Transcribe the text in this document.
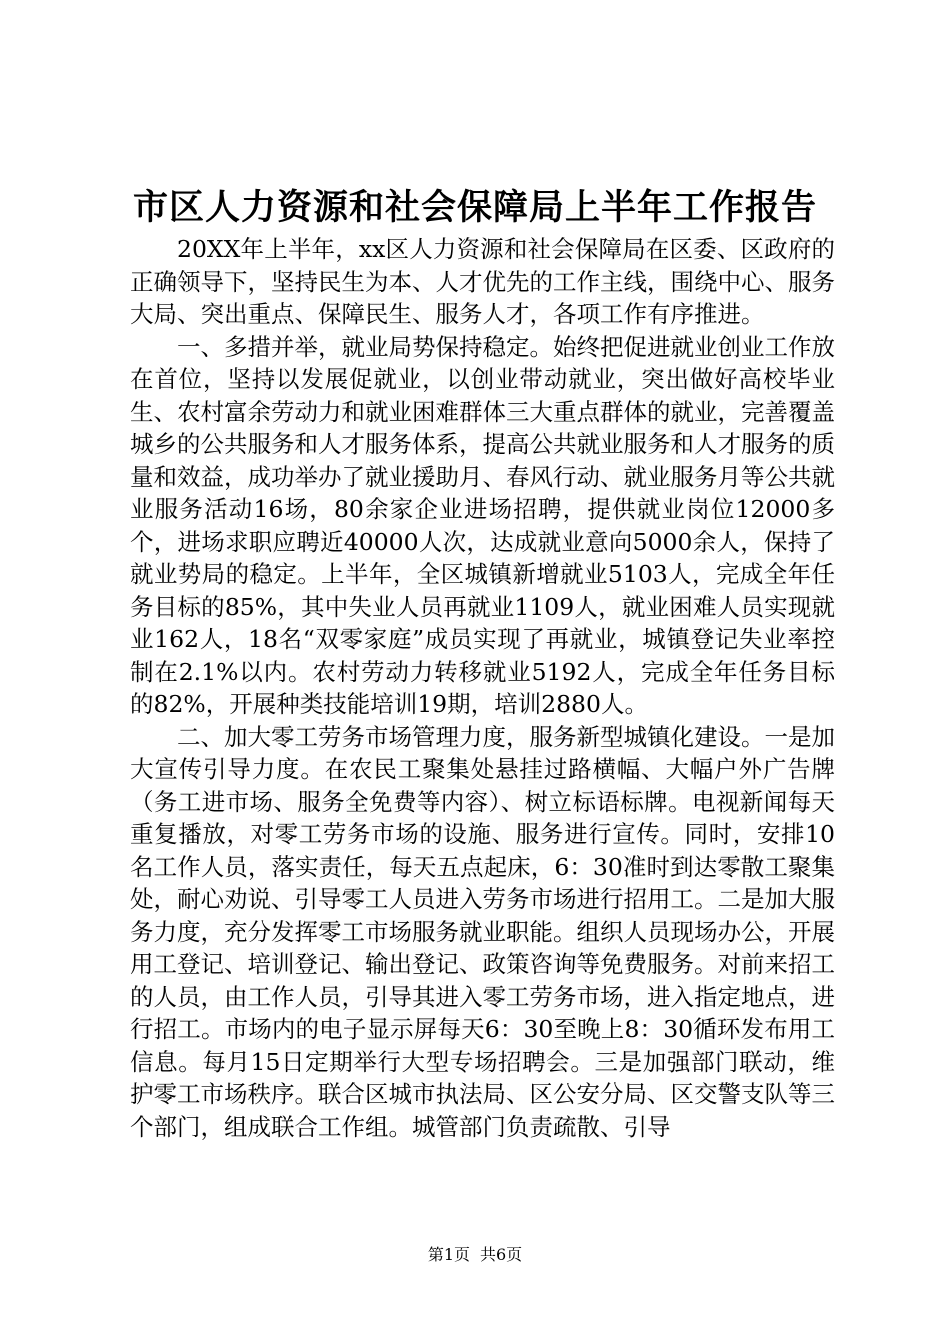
市区人力资源和社会保障局上半年工作报告

20XX年上半年，xx区人力资源和社会保障局在区委、区政府的正确领导下，坚持民生为本、人才优先的工作主线，围绕中心、服务大局、突出重点、保障民生、服务人才，各项工作有序推进。

一、多措并举，就业局势保持稳定。始终把促进就业创业工作放在首位，坚持以发展促就业，以创业带动就业，突出做好高校毕业生、农村富余劳动力和就业困难群体三大重点群体的就业，完善覆盖城乡的公共服务和人才服务体系，提高公共就业服务和人才服务的质量和效益，成功举办了就业援助月、春风行动、就业服务月等公共就业服务活动16场，80余家企业进场招聘，提供就业岗位12000多个，进场求职应聘近40000人次，达成就业意向5000余人，保持了就业势局的稳定。上半年，全区城镇新增就业5103人，完成全年任务目标的85%，其中失业人员再就业1109人，就业困难人员实现就业162人，18名“双零家庭”成员实现了再就业，城镇登记失业率控制在2.1%以内。农村劳动力转移就业5192人，完成全年任务目标的82%，开展种类技能培训19期，培训2880人。

二、加大零工劳务市场管理力度，服务新型城镇化建设。一是加大宣传引导力度。在农民工聚集处悬挂过路横幅、大幅户外广告牌（务工进市场、服务全免费等内容）、树立标语标牌。电视新闻每天重复播放，对零工劳务市场的设施、服务进行宣传。同时，安排10名工作人员，落实责任，每天五点起床，6：30准时到达零散工聚集处，耐心劝说、引导零工人员进入劳务市场进行招用工。二是加大服务力度，充分发挥零工市场服务就业职能。组织人员现场办公，开展用工登记、培训登记、输出登记、政策咨询等免费服务。对前来招工的人员，由工作人员，引导其进入零工劳务市场，进入指定地点，进行招工。市场内的电子显示屏每天6：30至晚上8：30循环发布用工信息。每月15日定期举行大型专场招聘会。三是加强部门联动，维护零工市场秩序。联合区城市执法局、区公安分局、区交警支队等三个部门，组成联合工作组。城管部门负责疏散、引导

第1页 共6页
